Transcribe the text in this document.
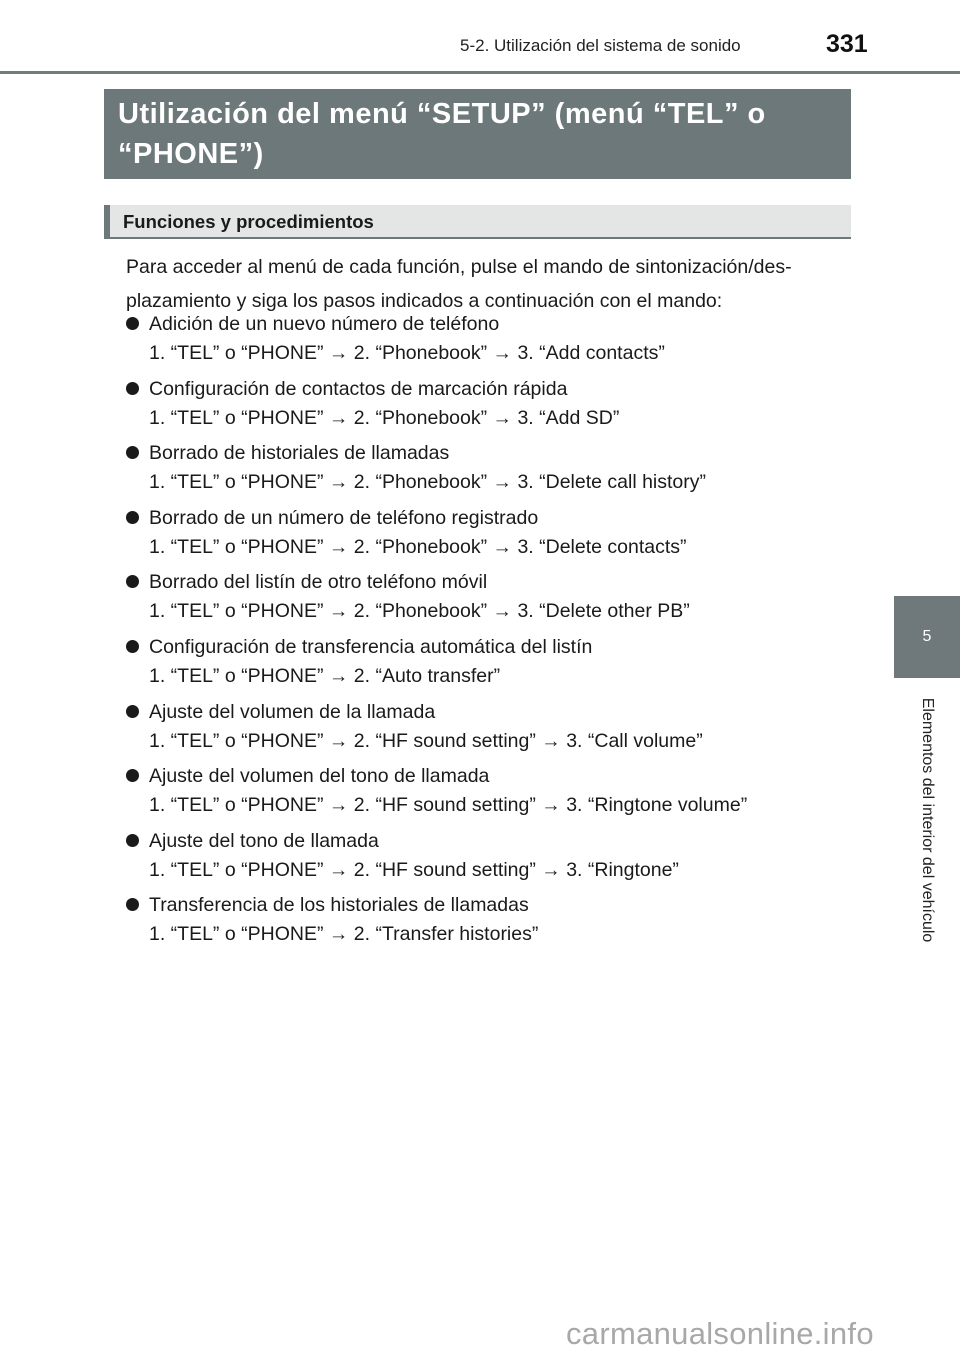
5-2. Utilización del sistema de sonido	331
5
Elementos del interior del vehículo
Utilización del menú “SETUP” (menú “TEL” o “PHONE”)
Funciones y procedimientos
Para acceder al menú de cada función, pulse el mando de sintonización/des-plazamiento y siga los pasos indicados a continuación con el mando:
Adición de un nuevo número de teléfono
1. “TEL” o “PHONE” → 2. “Phonebook” → 3. “Add contacts”
Configuración de contactos de marcación rápida
1. “TEL” o “PHONE” → 2. “Phonebook” → 3. “Add SD”
Borrado de historiales de llamadas
1. “TEL” o “PHONE” → 2. “Phonebook” → 3. “Delete call history”
Borrado de un número de teléfono registrado
1. “TEL” o “PHONE” → 2. “Phonebook” → 3. “Delete contacts”
Borrado del listín de otro teléfono móvil
1. “TEL” o “PHONE” → 2. “Phonebook” → 3. “Delete other PB”
Configuración de transferencia automática del listín
1. “TEL” o “PHONE” → 2. “Auto transfer”
Ajuste del volumen de la llamada
1. “TEL” o “PHONE” → 2. “HF sound setting” → 3. “Call volume”
Ajuste del volumen del tono de llamada
1. “TEL” o “PHONE” → 2. “HF sound setting” → 3. “Ringtone volume”
Ajuste del tono de llamada
1. “TEL” o “PHONE” → 2. “HF sound setting” → 3. “Ringtone”
Transferencia de los historiales de llamadas
1. “TEL” o “PHONE” → 2. “Transfer histories”
carmanualsonline.info
